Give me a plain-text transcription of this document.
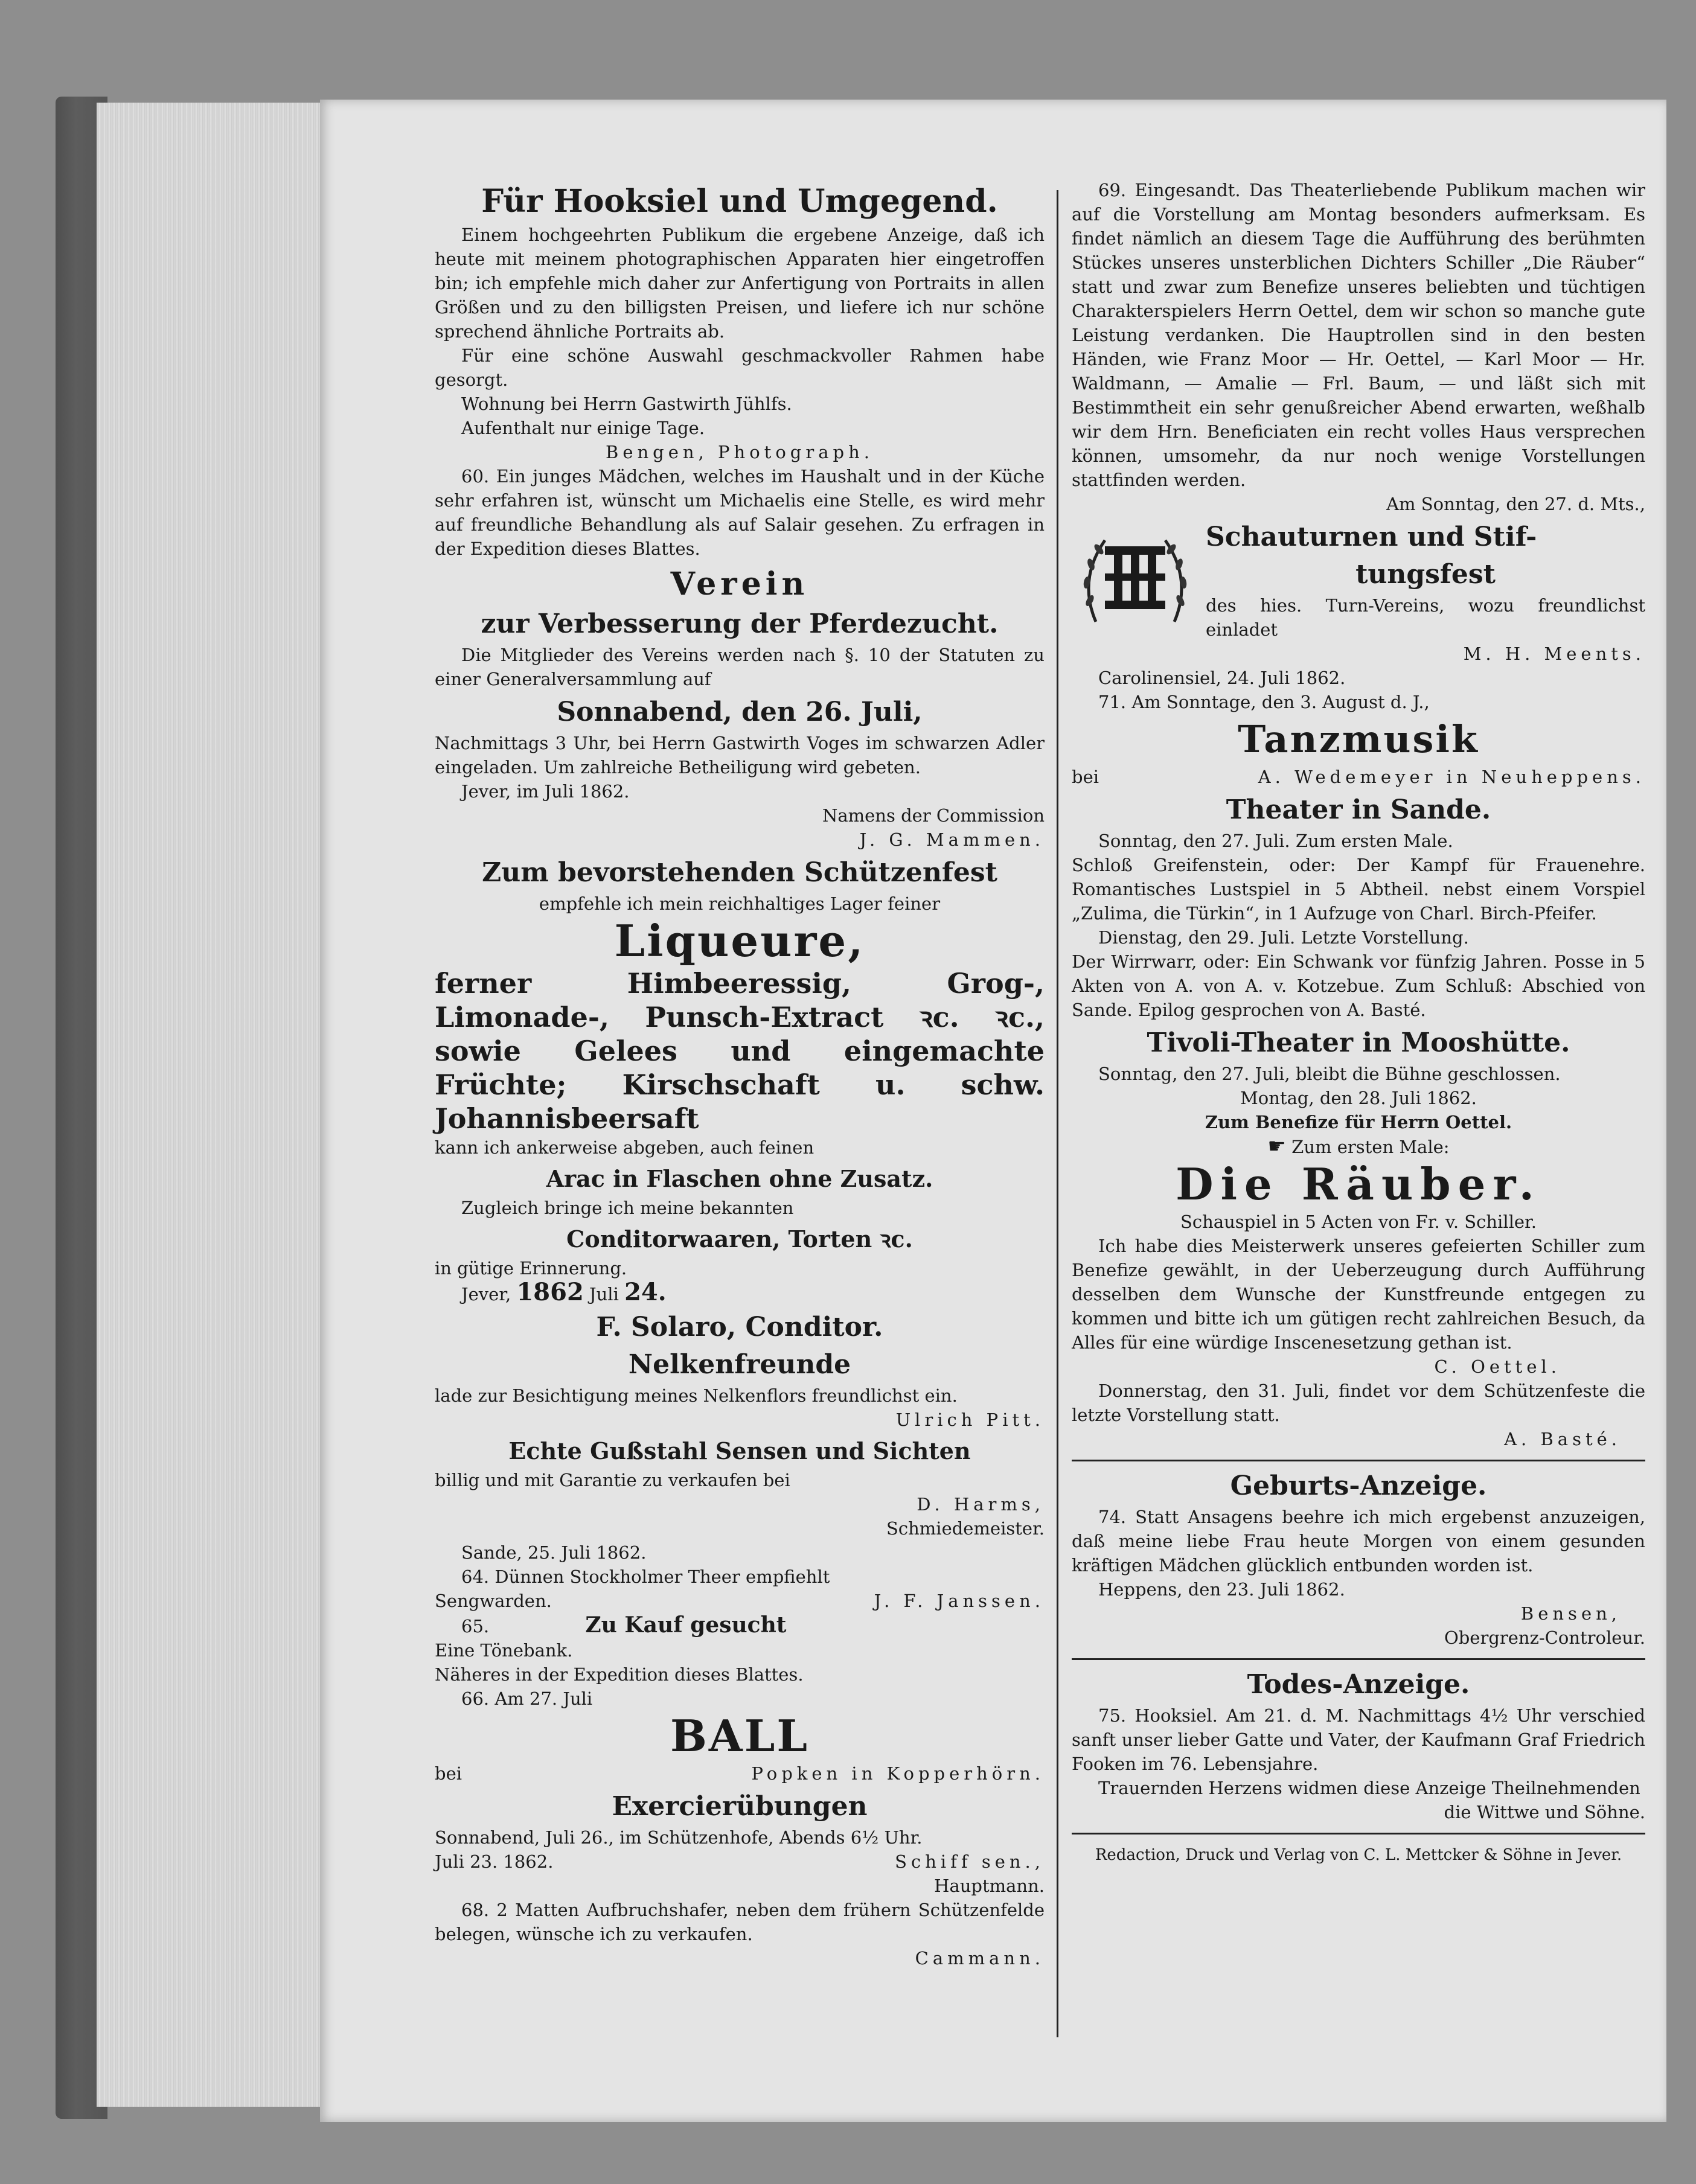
Für Hooksiel und Umgegend.

Einem hochgeehrten Publikum die ergebene Anzeige, daß ich heute mit meinem photographischen Apparaten hier eingetroffen bin; ich empfehle mich daher zur Anfertigung von Portraits in allen Größen und zu den billigsten Preisen, und liefere ich nur schöne sprechend ähnliche Portraits ab.

Für eine schöne Auswahl geschmackvoller Rahmen habe gesorgt.

Wohnung bei Herrn Gastwirth Jühlfs.

Aufenthalt nur einige Tage.

Bengen, Photograph.

60. Ein junges Mädchen, welches im Haushalt und in der Küche sehr erfahren ist, wünscht um Michaelis eine Stelle, es wird mehr auf freundliche Behandlung als auf Salair gesehen. Zu erfragen in der Expedition dieses Blattes.

Verein

zur Verbesserung der Pferdezucht.

Die Mitglieder des Vereins werden nach §. 10 der Statuten zu einer Generalversammlung auf

Sonnabend, den 26. Juli,

Nachmittags 3 Uhr, bei Herrn Gastwirth Voges im schwarzen Adler eingeladen. Um zahlreiche Betheiligung wird gebeten.

Jever, im Juli 1862.

Namens der Commission

J. G. Mammen.

Zum bevorstehenden Schützenfest

empfehle ich mein reichhaltiges Lager feiner

Liqueure,

ferner Himbeeressig, Grog-, Limonade-, Punsch-Extract ꝛc. ꝛc., sowie Gelees und eingemachte Früchte; Kirschschaft u. schw. Johannisbeersaft

kann ich ankerweise abgeben, auch feinen

Arac in Flaschen ohne Zusatz.

Zugleich bringe ich meine bekannten

Conditorwaaren, Torten ꝛc.

in gütige Erinnerung.

Jever, 1862 Juli 24.

F. Solaro, Conditor.

Nelkenfreunde

lade zur Besichtigung meines Nelkenflors freundlichst ein.

Ulrich Pitt.

Echte Gußstahl Sensen und Sichten

billig und mit Garantie zu verkaufen bei

D. Harms,

Schmiedemeister.

Sande, 25. Juli 1862.

64. Dünnen Stockholmer Theer empfiehlt

Sengwarden.	J. F. Janssen.

65.	Zu Kauf gesucht

Eine Tönebank.

Näheres in der Expedition dieses Blattes.

66. Am 27. Juli

BALL

bei	Popken in Kopperhörn.

Exercierübungen

Sonnabend, Juli 26., im Schützenhofe, Abends 6½ Uhr.

Juli 23. 1862.	Schiff sen.,

Hauptmann.

68. 2 Matten Aufbruchshafer, neben dem frühern Schützenfelde belegen, wünsche ich zu verkaufen.

Cammann.

69. Eingesandt. Das Theaterliebende Publikum machen wir auf die Vorstellung am Montag besonders aufmerksam. Es findet nämlich an diesem Tage die Aufführung des berühmten Stückes unseres unsterblichen Dichters Schiller „Die Räuber“ statt und zwar zum Benefize unseres beliebten und tüchtigen Charakterspielers Herrn Oettel, dem wir schon so manche gute Leistung verdanken. Die Hauptrollen sind in den besten Händen, wie Franz Moor — Hr. Oettel, — Karl Moor — Hr. Waldmann, — Amalie — Frl. Baum, — und läßt sich mit Bestimmtheit ein sehr genußreicher Abend erwarten, weßhalb wir dem Hrn. Beneficiaten ein recht volles Haus versprechen können, umsomehr, da nur noch wenige Vorstellungen stattfinden werden.

Am Sonntag, den 27. d. Mts.,

Schauturnen und Stif-

tungsfest

des hies. Turn-Vereins, wozu freundlichst einladet

M. H. Meents.

Carolinensiel, 24. Juli 1862.

71. Am Sonntage, den 3. August d. J.,

Tanzmusik

bei	A. Wedemeyer in Neuheppens.

Theater in Sande.

Sonntag, den 27. Juli. Zum ersten Male.

Schloß Greifenstein, oder: Der Kampf für Frauenehre. Romantisches Lustspiel in 5 Abtheil. nebst einem Vorspiel „Zulima, die Türkin“, in 1 Aufzuge von Charl. Birch-Pfeifer.

Dienstag, den 29. Juli. Letzte Vorstellung.

Der Wirrwarr, oder: Ein Schwank vor fünfzig Jahren. Posse in 5 Akten von A. von A. v. Kotzebue. Zum Schluß: Abschied von Sande. Epilog gesprochen von A. Basté.

Tivoli-Theater in Mooshütte.

Sonntag, den 27. Juli, bleibt die Bühne geschlossen.

Montag, den 28. Juli 1862.

Zum Benefize für Herrn Oettel.

☛ Zum ersten Male:

Die Räuber.

Schauspiel in 5 Acten von Fr. v. Schiller.

Ich habe dies Meisterwerk unseres gefeierten Schiller zum Benefize gewählt, in der Ueberzeugung durch Aufführung desselben dem Wunsche der Kunstfreunde entgegen zu kommen und bitte ich um gütigen recht zahlreichen Besuch, da Alles für eine würdige Inscenesetzung gethan ist.

C. Oettel.

Donnerstag, den 31. Juli, findet vor dem Schützenfeste die letzte Vorstellung statt.

A. Basté.

Geburts-Anzeige.

74. Statt Ansagens beehre ich mich ergebenst anzuzeigen, daß meine liebe Frau heute Morgen von einem gesunden kräftigen Mädchen glücklich entbunden worden ist.

Heppens, den 23. Juli 1862.

Bensen,

Obergrenz-Controleur.

Todes-Anzeige.

75. Hooksiel. Am 21. d. M. Nachmittags 4½ Uhr verschied sanft unser lieber Gatte und Vater, der Kaufmann Graf Friedrich Fooken im 76. Lebensjahre.

Trauernden Herzens widmen diese Anzeige Theilnehmenden

die Wittwe und Söhne.

Redaction, Druck und Verlag von C. L. Mettcker & Söhne in Jever.
